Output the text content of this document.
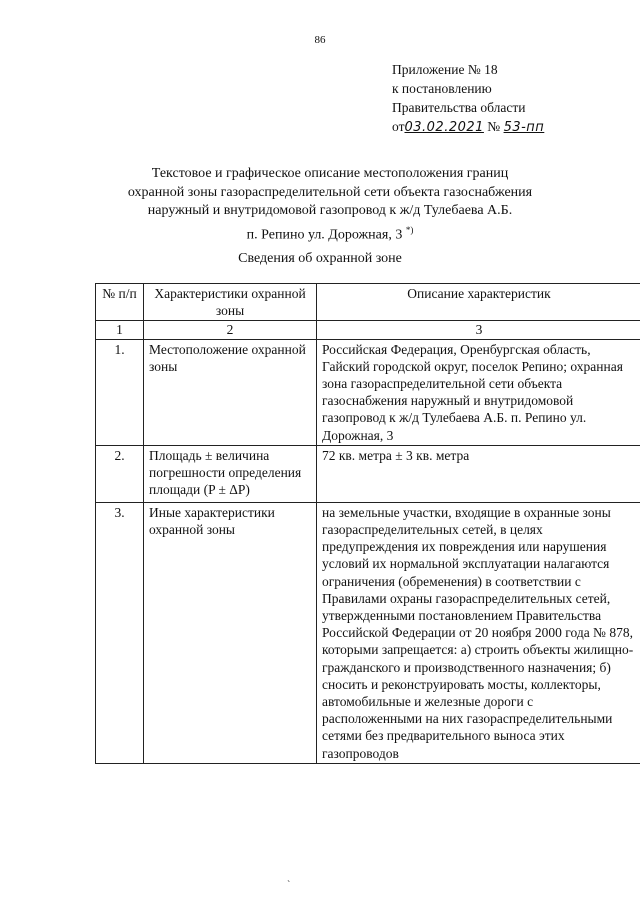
86
Приложение № 18
к постановлению
Правительства области
от03.02.2021 № 53-пп
Текстовое и графическое описание местоположения границ
охранной зоны газораспределительной сети объекта газоснабжения
наружный и внутридомовой газопровод к ж/д Тулебаева А.Б.
п. Репино ул. Дорожная, 3 *)
Сведения об охранной зоне
№ п/п	Характеристики охранной зоны	Описание характеристик
1	2	3
1.	Местоположение охранной зоны	Российская Федерация, Оренбургская область, Гайский городской округ, поселок Репино; охранная зона газораспределительной сети объекта газоснабжения наружный и внутридомовой газопровод к ж/д Тулебаева А.Б. п. Репино ул. Дорожная, 3
2.	Площадь ± величина погрешности определения площади (P ± ΔP)	72 кв. метра ± 3 кв. метра
3.	Иные характеристики охранной зоны	на земельные участки, входящие в охранные зоны газораспределительных сетей, в целях предупреждения их повреждения или нарушения условий их нормальной эксплуатации налагаются ограничения (обременения) в соответствии с Правилами охраны газораспределительных сетей, утвержденными постановлением Правительства Российской Федерации от 20 ноября 2000 года № 878, которыми запрещается: а) строить объекты жилищно-гражданского и производственного назначения; б) сносить и реконструировать мосты, коллекторы, автомобильные и железные дороги с расположенными на них газораспределительными сетями без предварительного выноса этих газопроводов
`
